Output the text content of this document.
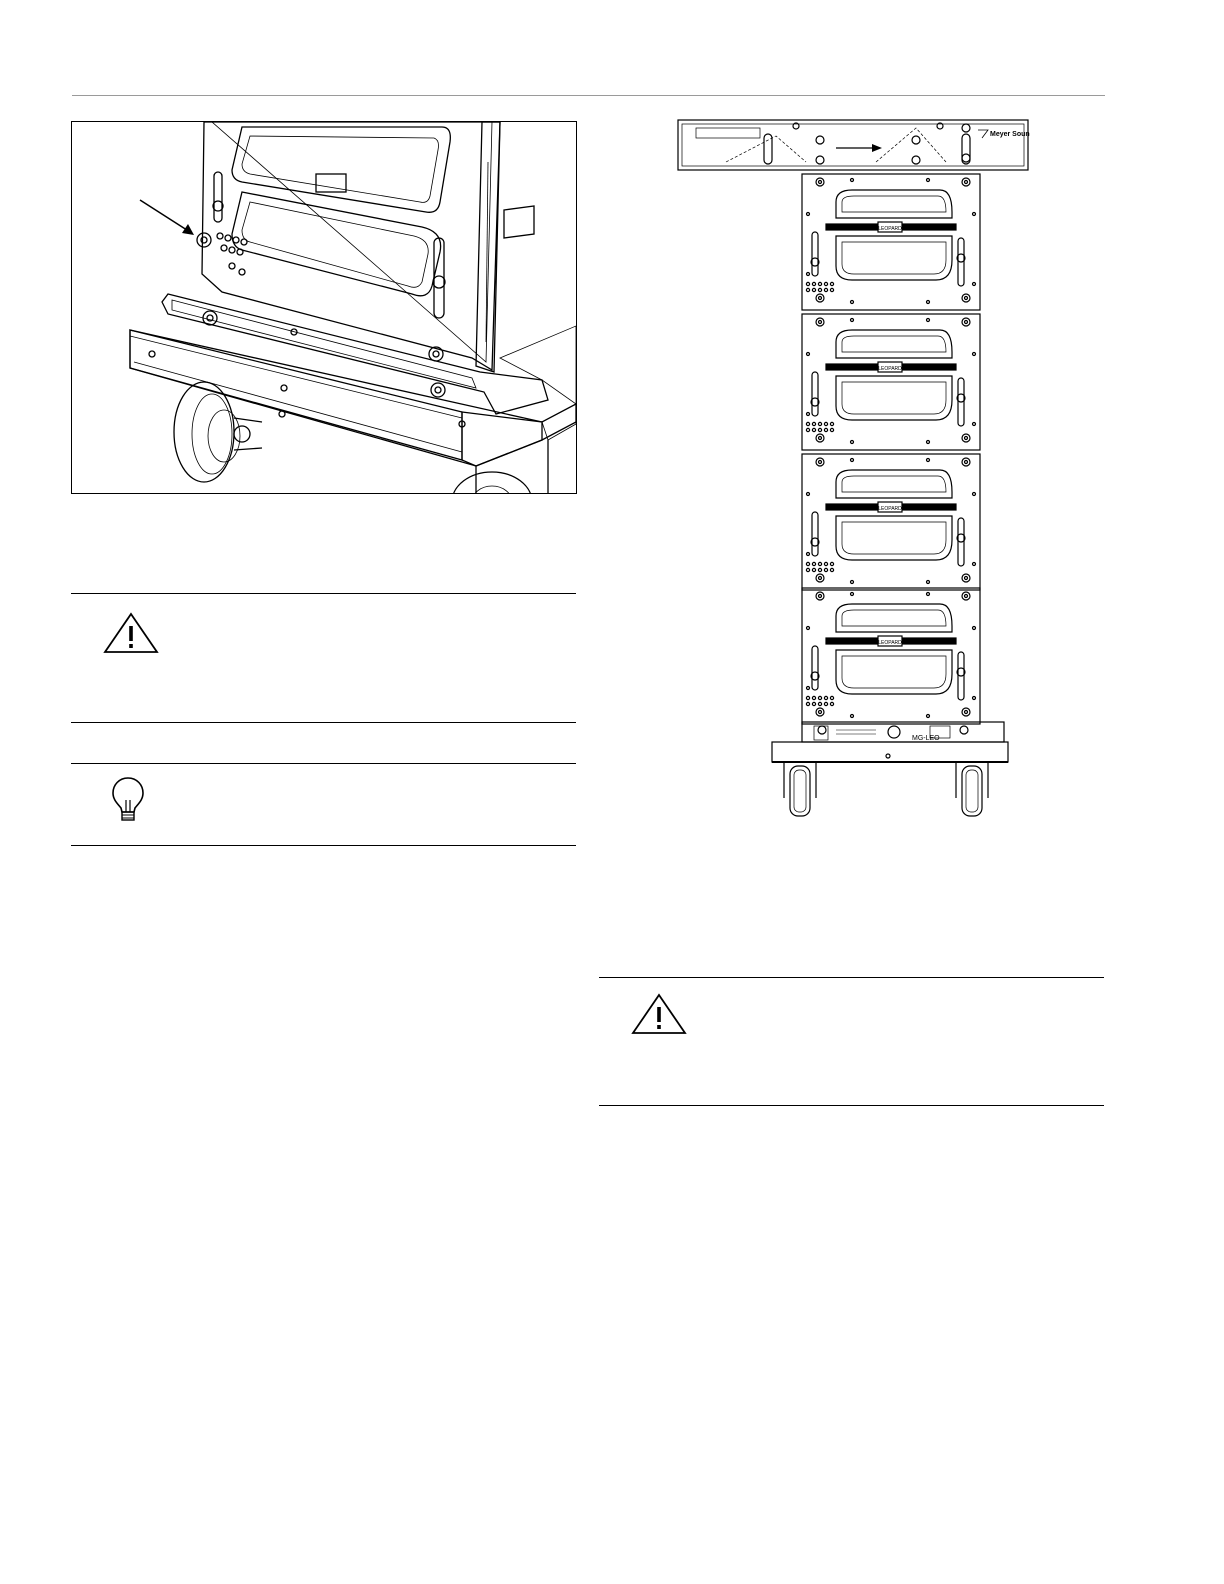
Meyer Sound
LEOPARD
LEOPARD
LEOPARD
LEOPARD
MG-LEO
